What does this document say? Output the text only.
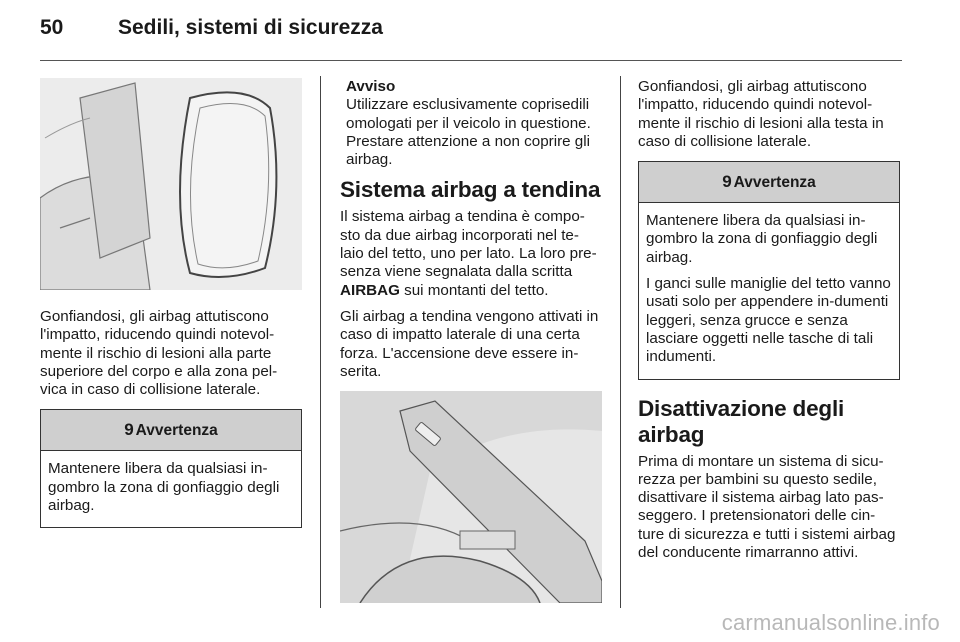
50	Sedili, sistemi di sicurezza

Gonfiandosi, gli airbag attutiscono l'impatto, riducendo quindi notevol-mente il rischio di lesioni alla parte superiore del corpo e alla zona pel-vica in caso di collisione laterale.

9 Avvertenza

Mantenere libera da qualsiasi in-gombro la zona di gonfiaggio degli airbag.

Avviso
Utilizzare esclusivamente coprisedili omologati per il veicolo in questione. Prestare attenzione a non coprire gli airbag.
Sistema airbag a tendina

Il sistema airbag a tendina è compo-sto da due airbag incorporati nel te-laio del tetto, uno per lato. La loro pre-senza viene segnalata dalla scritta AIRBAG sui montanti del tetto.

Gli airbag a tendina vengono attivati in caso di impatto laterale di una certa forza. L'accensione deve essere in-serita.

Gonfiandosi, gli airbag attutiscono l'impatto, riducendo quindi notevol-mente il rischio di lesioni alla testa in caso di collisione laterale.

9 Avvertenza

Mantenere libera da qualsiasi in-gombro la zona di gonfiaggio degli airbag.

I ganci sulle maniglie del tetto vanno usati solo per appendere in-dumenti leggeri, senza grucce e senza lasciare oggetti nelle tasche di tali indumenti.

Disattivazione degli airbag

Prima di montare un sistema di sicu-rezza per bambini su questo sedile, disattivare il sistema airbag lato pas-seggero. I pretensionatori delle cin-ture di sicurezza e tutti i sistemi airbag del conducente rimarranno attivi.

carmanualsonline.info
